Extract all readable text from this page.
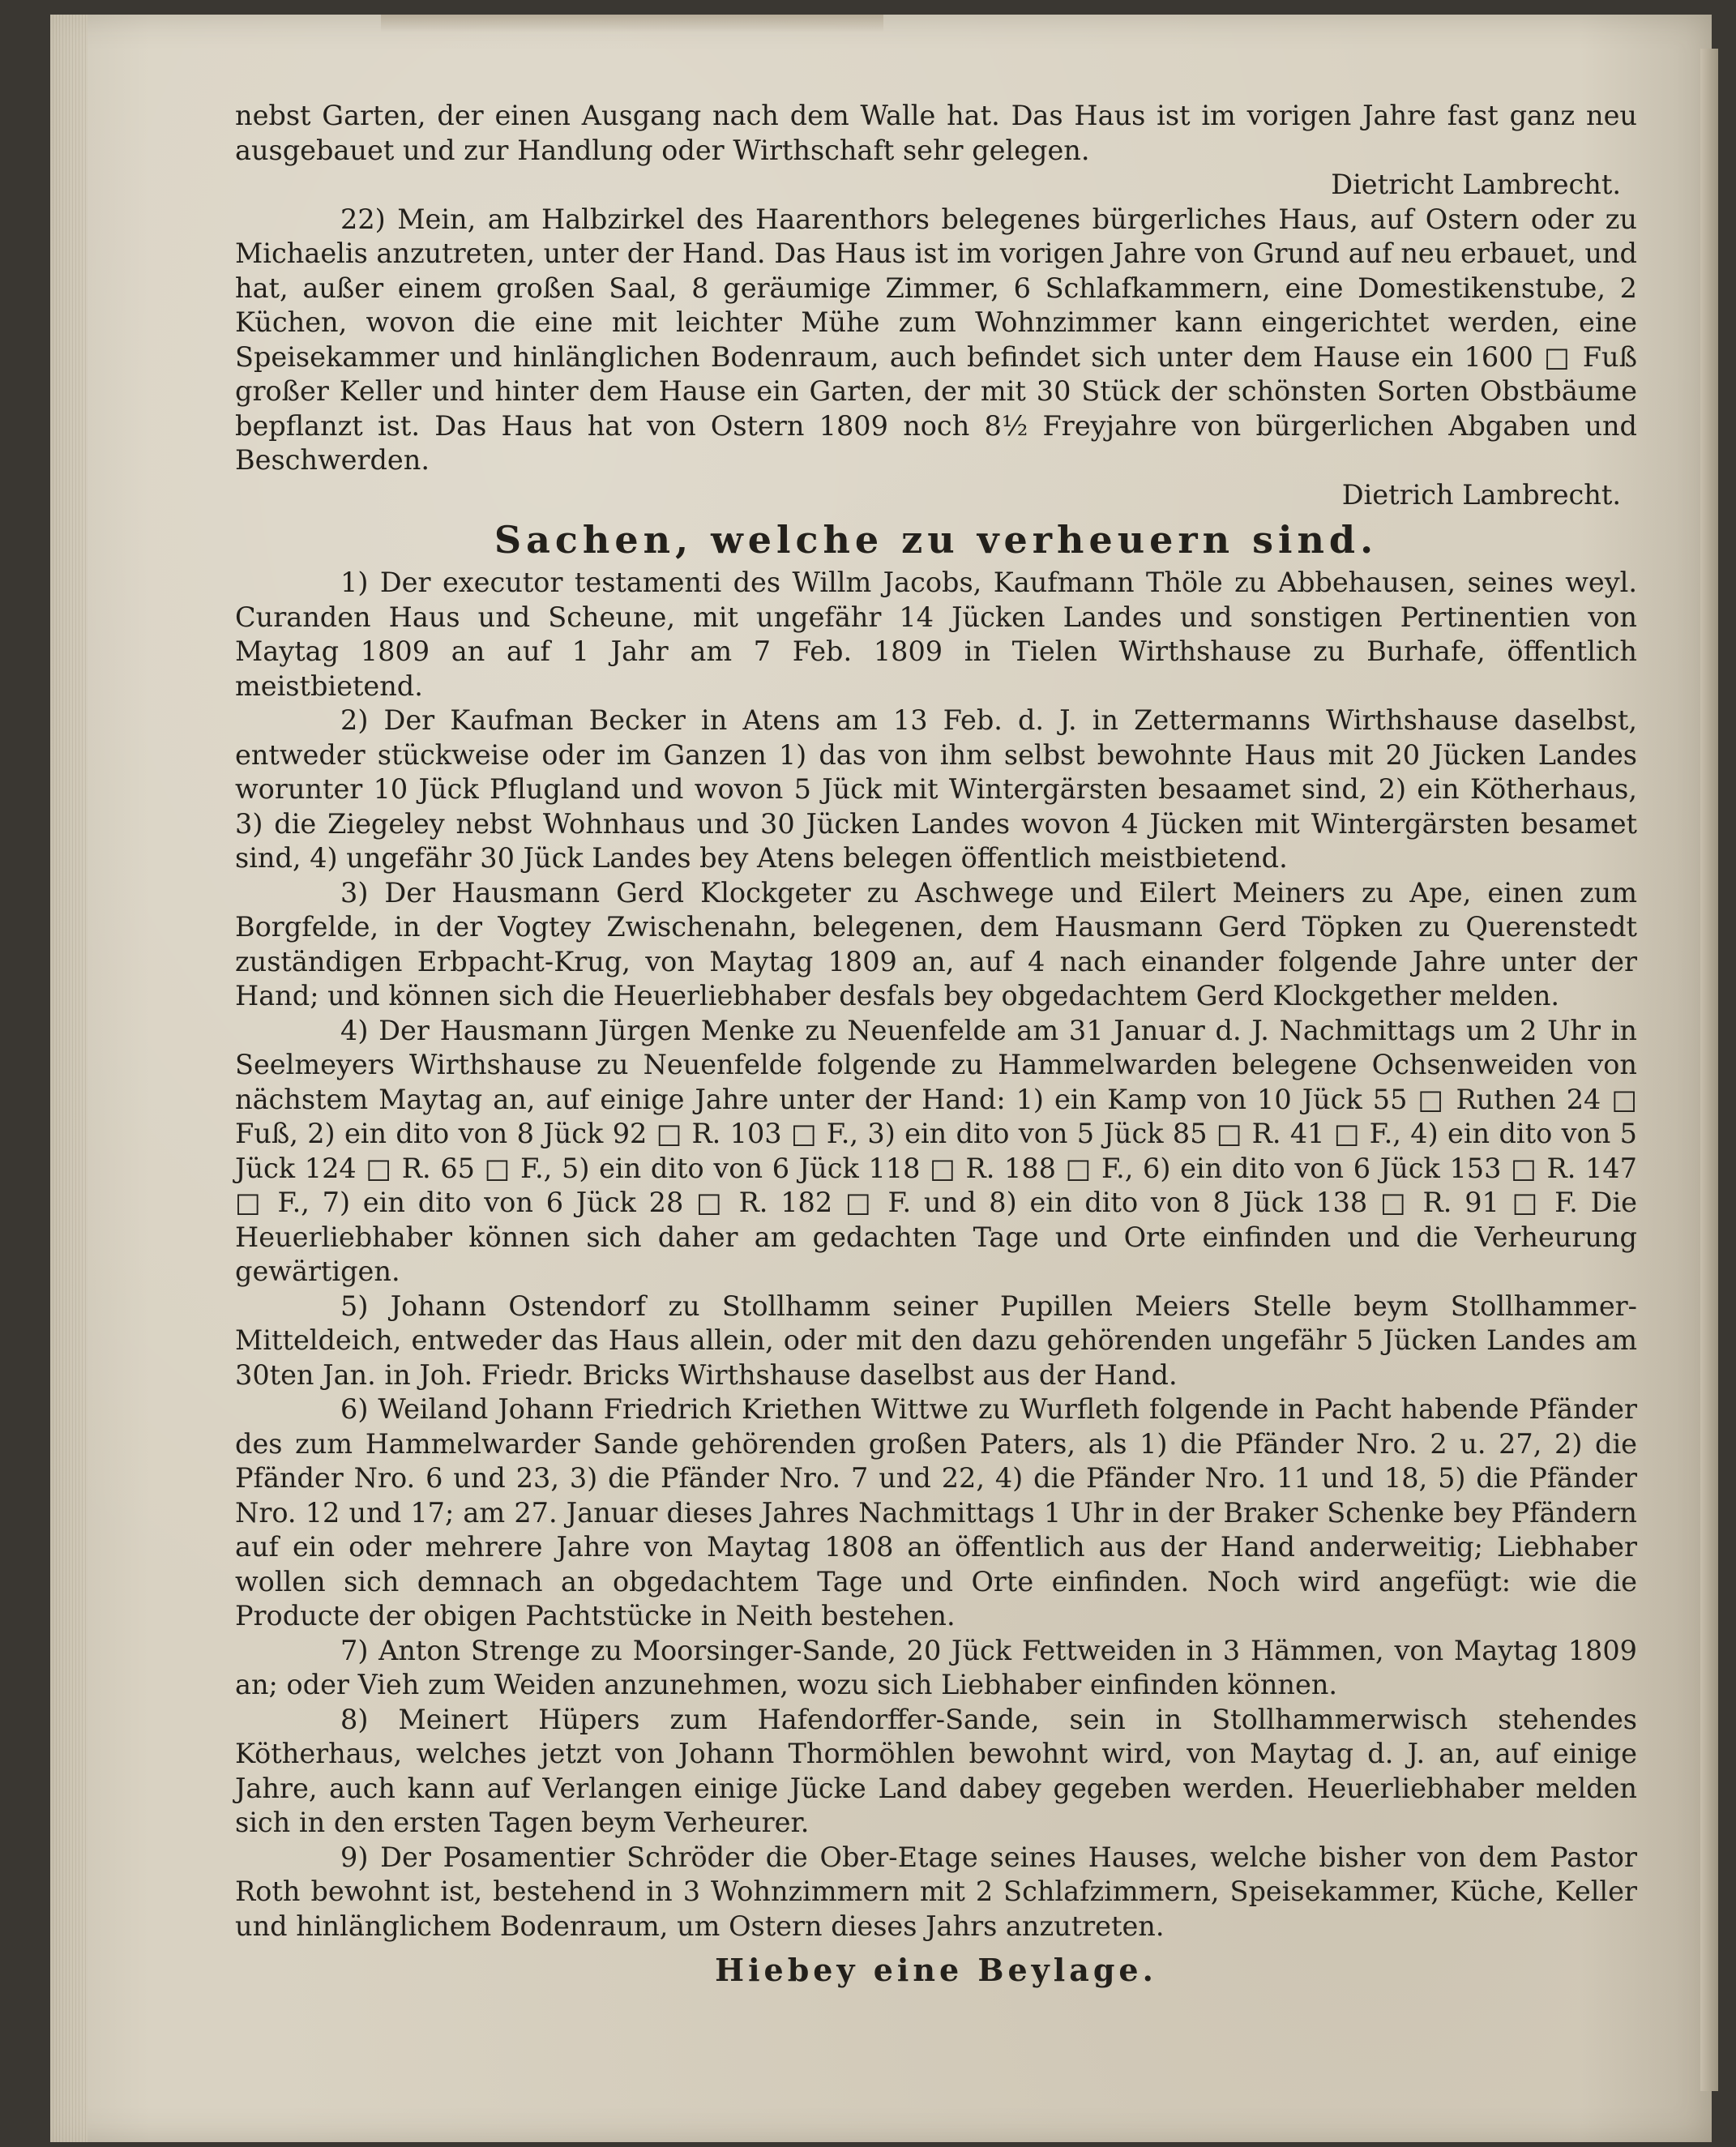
nebst Garten, der einen Ausgang nach dem Walle hat. Das Haus ist im vorigen Jahre fast ganz neu ausgebauet und zur Handlung oder Wirthschaft sehr gelegen.
Dietricht Lambrecht.

22) Mein, am Halbzirkel des Haarenthors belegenes bürgerliches Haus, auf Ostern oder zu Michaelis anzutreten, unter der Hand. Das Haus ist im vorigen Jahre von Grund auf neu erbauet, und hat, außer einem großen Saal, 8 geräumige Zimmer, 6 Schlafkammern, eine Domestikenstube, 2 Küchen, wovon die eine mit leichter Mühe zum Wohnzimmer kann eingerichtet werden, eine Speisekammer und hinlänglichen Bodenraum, auch befindet sich unter dem Hause ein 1600 □ Fuß großer Keller und hinter dem Hause ein Garten, der mit 30 Stück der schönsten Sorten Obstbäume bepflanzt ist. Das Haus hat von Ostern 1809 noch 8½ Freyjahre von bürgerlichen Abgaben und Beschwerden.
Dietrich Lambrecht.

Sachen, welche zu verheuern sind.

1) Der executor testamenti des Willm Jacobs, Kaufmann Thöle zu Abbehausen, seines weyl. Curanden Haus und Scheune, mit ungefähr 14 Jücken Landes und sonstigen Pertinentien von Maytag 1809 an auf 1 Jahr am 7 Feb. 1809 in Tielen Wirthshause zu Burhafe, öffentlich meistbietend.

2) Der Kaufman Becker in Atens am 13 Feb. d. J. in Zettermanns Wirthshause daselbst, entweder stückweise oder im Ganzen 1) das von ihm selbst bewohnte Haus mit 20 Jücken Landes worunter 10 Jück Pflugland und wovon 5 Jück mit Wintergärsten besaamet sind, 2) ein Kötherhaus, 3) die Ziegeley nebst Wohnhaus und 30 Jücken Landes wovon 4 Jücken mit Wintergärsten besamet sind, 4) ungefähr 30 Jück Landes bey Atens belegen öffentlich meistbietend.

3) Der Hausmann Gerd Klockgeter zu Aschwege und Eilert Meiners zu Ape, einen zum Borgfelde, in der Vogtey Zwischenahn, belegenen, dem Hausmann Gerd Töpken zu Querenstedt zuständigen Erbpacht-Krug, von Maytag 1809 an, auf 4 nach einander folgende Jahre unter der Hand; und können sich die Heuerliebhaber desfals bey obgedachtem Gerd Klockgether melden.

4) Der Hausmann Jürgen Menke zu Neuenfelde am 31 Januar d. J. Nachmittags um 2 Uhr in Seelmeyers Wirthshause zu Neuenfelde folgende zu Hammelwarden belegene Ochsenweiden von nächstem Maytag an, auf einige Jahre unter der Hand: 1) ein Kamp von 10 Jück 55 □ Ruthen 24 □ Fuß, 2) ein dito von 8 Jück 92 □ R. 103 □ F., 3) ein dito von 5 Jück 85 □ R. 41 □ F., 4) ein dito von 5 Jück 124 □ R. 65 □ F., 5) ein dito von 6 Jück 118 □ R. 188 □ F., 6) ein dito von 6 Jück 153 □ R. 147 □ F., 7) ein dito von 6 Jück 28 □ R. 182 □ F. und 8) ein dito von 8 Jück 138 □ R. 91 □ F. Die Heuerliebhaber können sich daher am gedachten Tage und Orte einfinden und die Verheurung gewärtigen.

5) Johann Ostendorf zu Stollhamm seiner Pupillen Meiers Stelle beym Stollhammer-Mitteldeich, entweder das Haus allein, oder mit den dazu gehörenden ungefähr 5 Jücken Landes am 30ten Jan. in Joh. Friedr. Bricks Wirthshause daselbst aus der Hand.

6) Weiland Johann Friedrich Kriethen Wittwe zu Wurfleth folgende in Pacht habende Pfänder des zum Hammelwarder Sande gehörenden großen Paters, als 1) die Pfänder Nro. 2 u. 27, 2) die Pfänder Nro. 6 und 23, 3) die Pfänder Nro. 7 und 22, 4) die Pfänder Nro. 11 und 18, 5) die Pfänder Nro. 12 und 17; am 27. Januar dieses Jahres Nachmittags 1 Uhr in der Braker Schenke bey Pfändern auf ein oder mehrere Jahre von Maytag 1808 an öffentlich aus der Hand anderweitig; Liebhaber wollen sich demnach an obgedachtem Tage und Orte einfinden. Noch wird angefügt: wie die Producte der obigen Pachtstücke in Neith bestehen.

7) Anton Strenge zu Moorsinger-Sande, 20 Jück Fettweiden in 3 Hämmen, von Maytag 1809 an; oder Vieh zum Weiden anzunehmen, wozu sich Liebhaber einfinden können.

8) Meinert Hüpers zum Hafendorffer-Sande, sein in Stollhammerwisch stehendes Kötherhaus, welches jetzt von Johann Thormöhlen bewohnt wird, von Maytag d. J. an, auf einige Jahre, auch kann auf Verlangen einige Jücke Land dabey gegeben werden. Heuerliebhaber melden sich in den ersten Tagen beym Verheurer.

9) Der Posamentier Schröder die Ober-Etage seines Hauses, welche bisher von dem Pastor Roth bewohnt ist, bestehend in 3 Wohnzimmern mit 2 Schlafzimmern, Speisekammer, Küche, Keller und hinlänglichem Bodenraum, um Ostern dieses Jahrs anzutreten.

Hiebey eine Beylage.
